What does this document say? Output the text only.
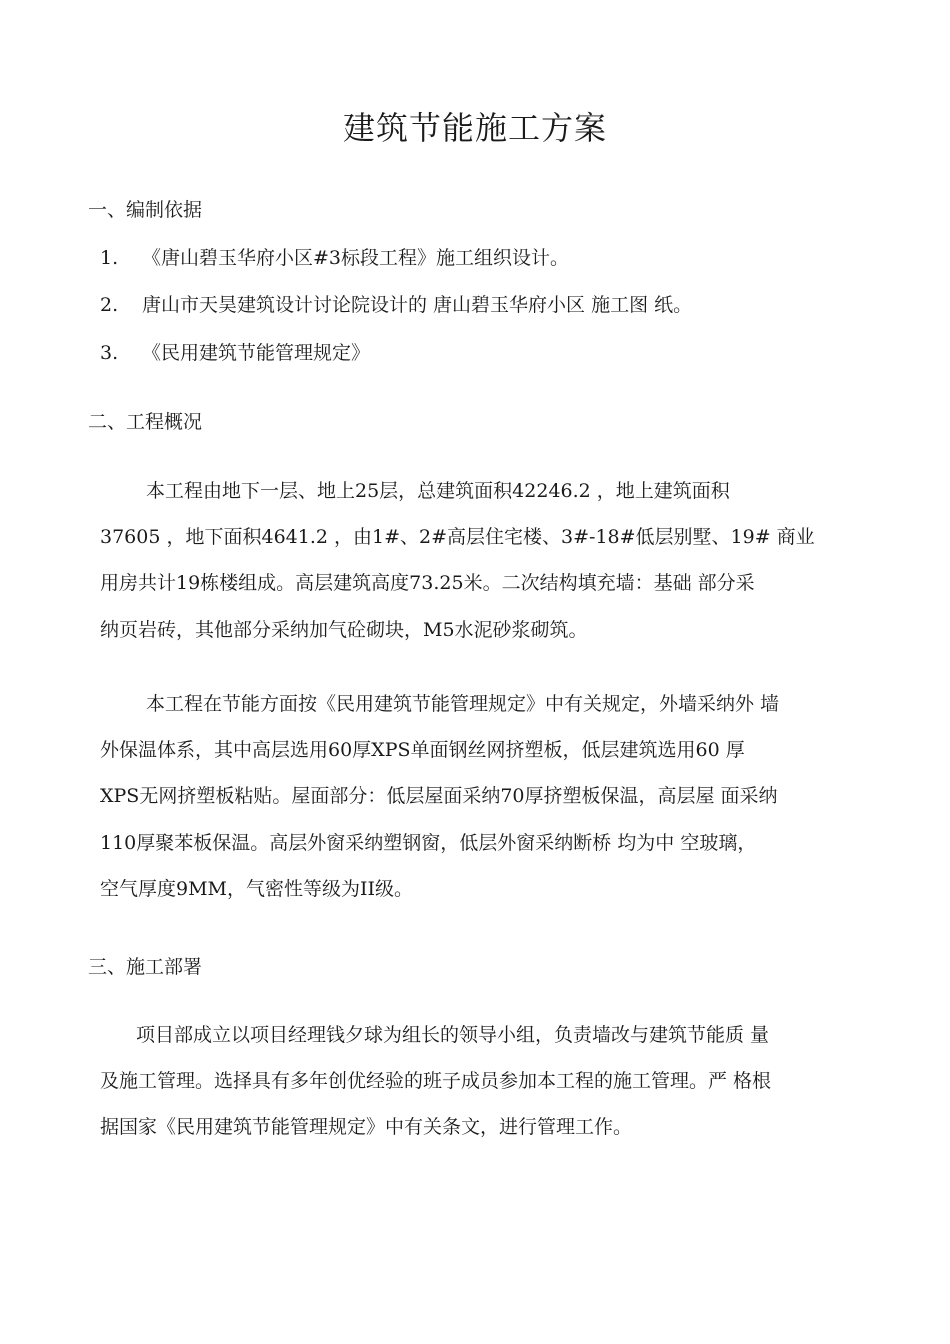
建筑节能施工方案
一、编制依据
1. 《唐山碧玉华府小区#3标段工程》施工组织设计。
2. 唐山市天昊建筑设计讨论院设计的 唐山碧玉华府小区 施工图 纸。
3. 《民用建筑节能管理规定》
二、工程概况
本工程由地下一层、地上25层，总建筑面积42246.2 ，地上建筑面积
37605 ，地下面积4641.2 ，由1#、2#高层住宅楼、3#-18#低层别墅、19# 商业
用房共计19栋楼组成。高层建筑高度73.25米。二次结构填充墙：基础 部分采
纳页岩砖，其他部分采纳加气砼砌块，M5水泥砂浆砌筑。
本工程在节能方面按《民用建筑节能管理规定》中有关规定，外墙采纳外 墙
外保温体系，其中高层选用60厚XPS单面钢丝网挤塑板，低层建筑选用60 厚
XPS无网挤塑板粘贴。屋面部分：低层屋面采纳70厚挤塑板保温，高层屋 面采纳
110厚聚苯板保温。高层外窗采纳塑钢窗，低层外窗采纳断桥 均为中 空玻璃，
空气厚度9MM，气密性等级为II级。
三、施工部署
项目部成立以项目经理钱夕球为组长的领导小组，负责墙改与建筑节能质 量
及施工管理。选择具有多年创优经验的班子成员参加本工程的施工管理。严 格根
据国家《民用建筑节能管理规定》中有关条文，进行管理工作。
